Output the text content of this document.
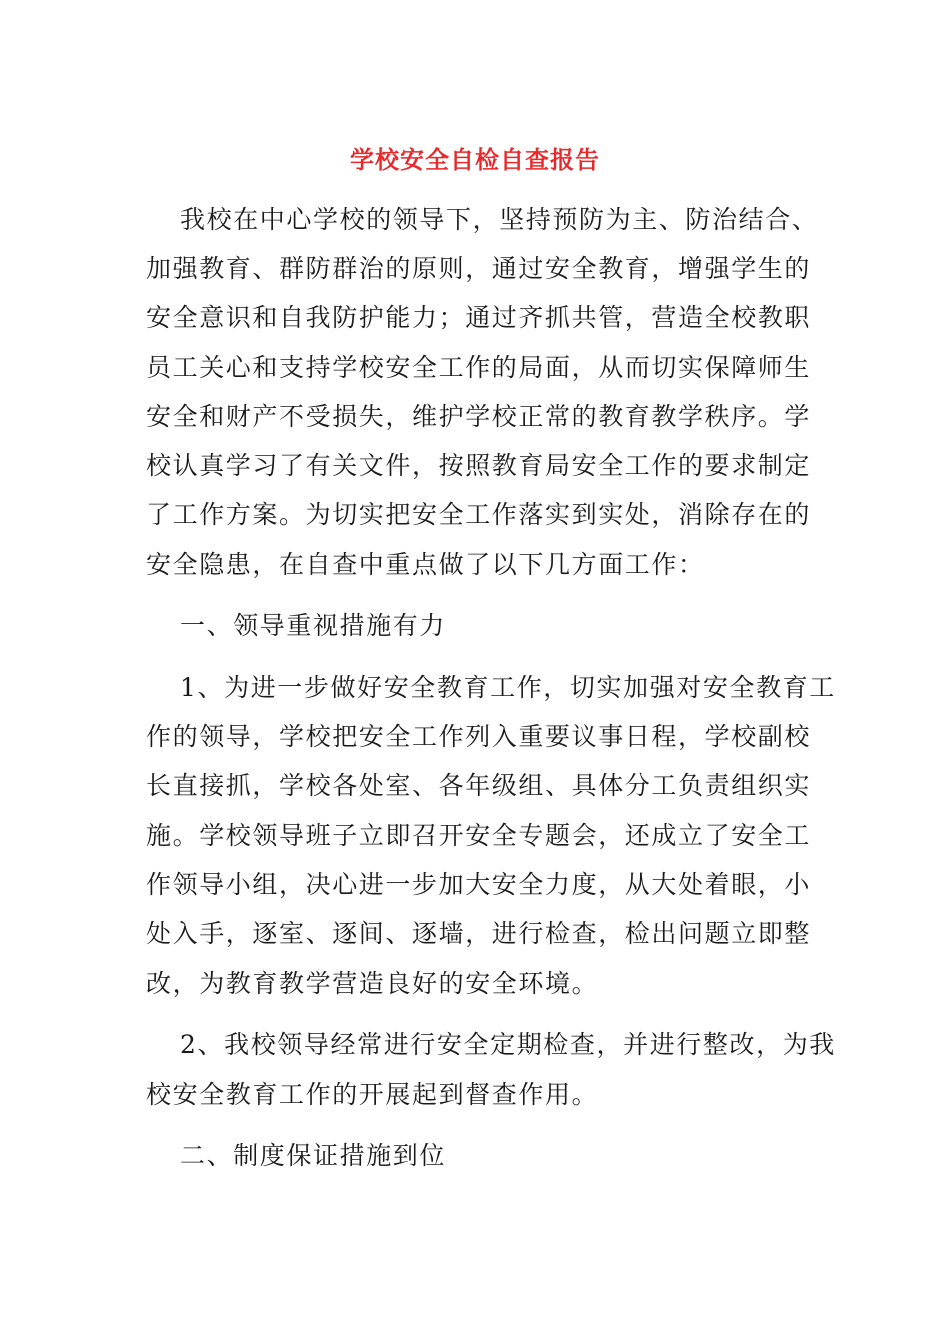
学校安全自检自查报告
我校在中心学校的领导下，坚持预防为主、防治结合、
加强教育、群防群治的原则，通过安全教育，增强学生的
安全意识和自我防护能力；通过齐抓共管，营造全校教职
员工关心和支持学校安全工作的局面，从而切实保障师生
安全和财产不受损失，维护学校正常的教育教学秩序。学
校认真学习了有关文件，按照教育局安全工作的要求制定
了工作方案。为切实把安全工作落实到实处，消除存在的
安全隐患，在自查中重点做了以下几方面工作：
一、领导重视措施有力
1、为进一步做好安全教育工作，切实加强对安全教育工
作的领导，学校把安全工作列入重要议事日程，学校副校
长直接抓，学校各处室、各年级组、具体分工负责组织实
施。学校领导班子立即召开安全专题会，还成立了安全工
作领导小组，决心进一步加大安全力度，从大处着眼，小
处入手，逐室、逐间、逐墙，进行检查，检出问题立即整
改，为教育教学营造良好的安全环境。
2、我校领导经常进行安全定期检查，并进行整改，为我
校安全教育工作的开展起到督查作用。
二、制度保证措施到位
